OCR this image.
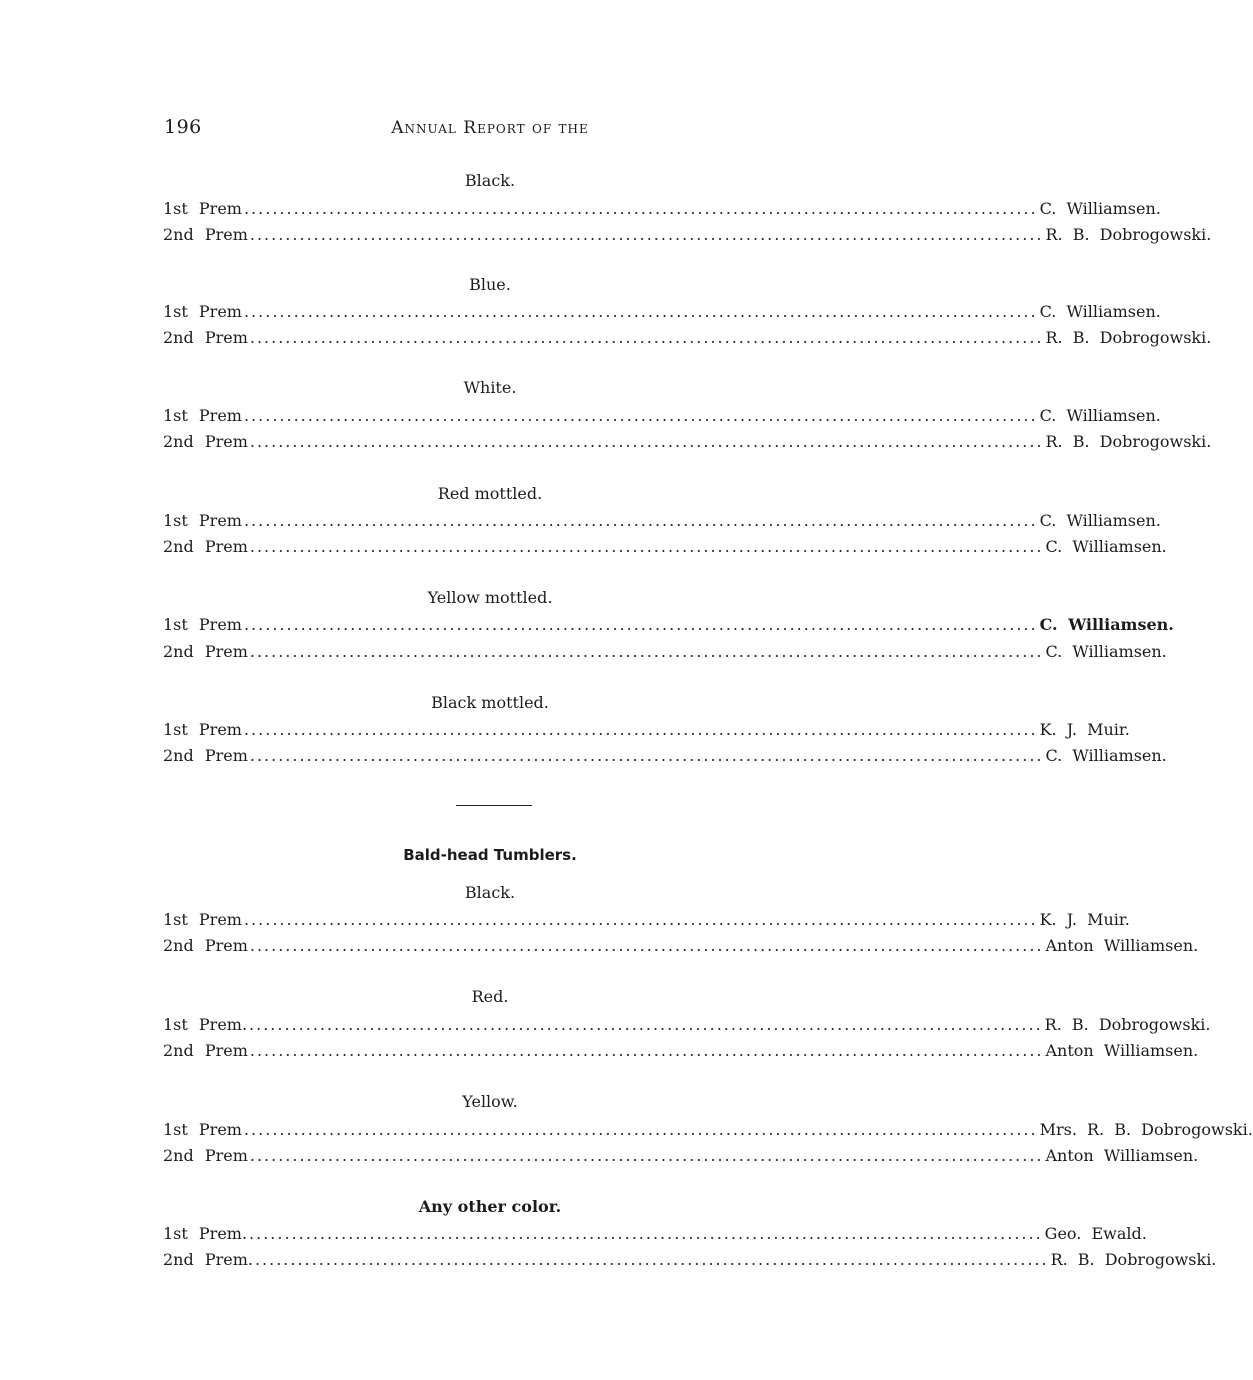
196	Annual Report of the
Black.
1st Prem ................................................................................................................ C. Williamsen.
2nd Prem ................................................................................................................ R. B. Dobrogowski.
Blue.
1st Prem ................................................................................................................ C. Williamsen.
2nd Prem ................................................................................................................ R. B. Dobrogowski.
White.
1st Prem ................................................................................................................ C. Williamsen.
2nd Prem ................................................................................................................ R. B. Dobrogowski.
Red mottled.
1st Prem ................................................................................................................ C. Williamsen.
2nd Prem ................................................................................................................ C. Williamsen.
Yellow mottled.
1st Prem ................................................................................................................ C. Williamsen.
2nd Prem ................................................................................................................ C. Williamsen.
Black mottled.
1st Prem ................................................................................................................ K. J. Muir.
2nd Prem ................................................................................................................ C. Williamsen.
Bald-head Tumblers.
Black.
1st Prem ................................................................................................................ K. J. Muir.
2nd Prem ................................................................................................................ Anton Williamsen.
Red.
1st Prem. ................................................................................................................ R. B. Dobrogowski.
2nd Prem ................................................................................................................ Anton Williamsen.
Yellow.
1st Prem ................................................................................................................ Mrs. R. B. Dobrogowski.
2nd Prem ................................................................................................................ Anton Williamsen.
Any other color.
1st Prem. ................................................................................................................ Geo. Ewald.
2nd Prem. ................................................................................................................ R. B. Dobrogowski.
